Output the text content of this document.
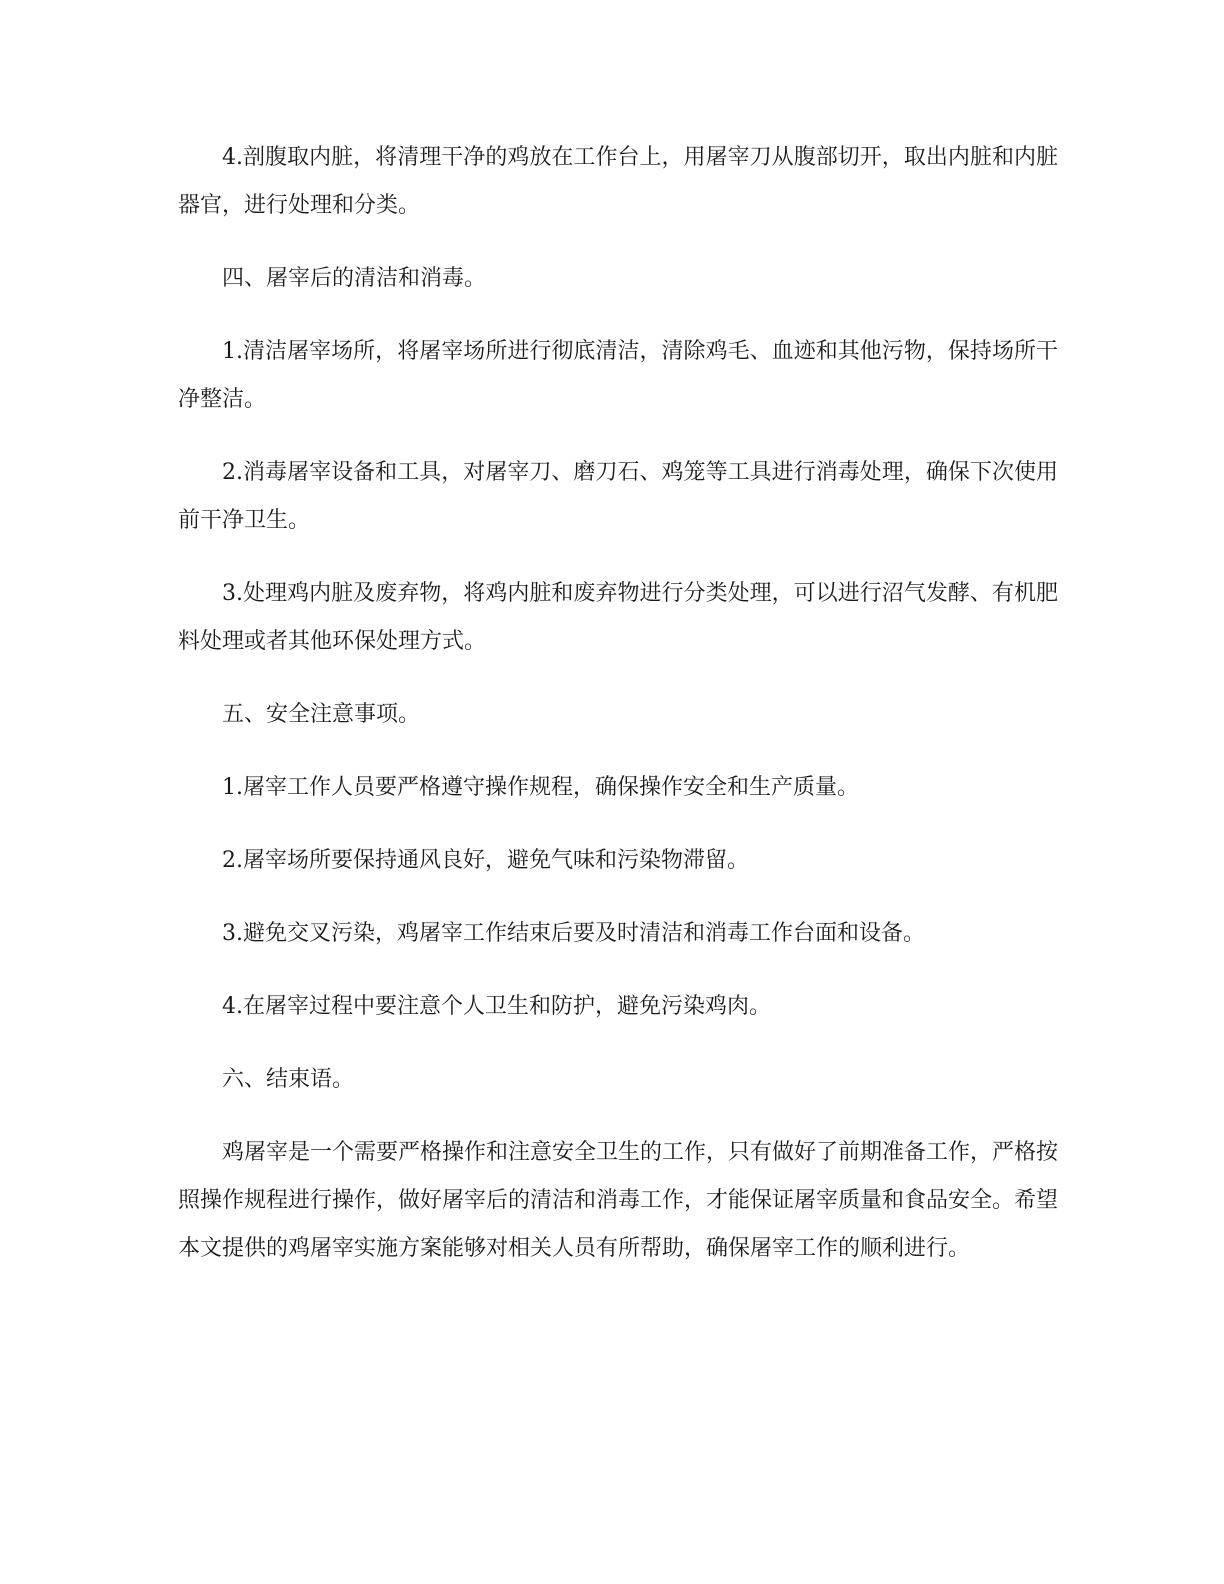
4.剖腹取内脏，将清理干净的鸡放在工作台上，用屠宰刀从腹部切开，取出内脏和内脏器官，进行处理和分类。

四、屠宰后的清洁和消毒。

1.清洁屠宰场所，将屠宰场所进行彻底清洁，清除鸡毛、血迹和其他污物，保持场所干净整洁。

2.消毒屠宰设备和工具，对屠宰刀、磨刀石、鸡笼等工具进行消毒处理，确保下次使用前干净卫生。

3.处理鸡内脏及废弃物，将鸡内脏和废弃物进行分类处理，可以进行沼气发酵、有机肥料处理或者其他环保处理方式。

五、安全注意事项。

1.屠宰工作人员要严格遵守操作规程，确保操作安全和生产质量。

2.屠宰场所要保持通风良好，避免气味和污染物滞留。

3.避免交叉污染，鸡屠宰工作结束后要及时清洁和消毒工作台面和设备。

4.在屠宰过程中要注意个人卫生和防护，避免污染鸡肉。

六、结束语。

鸡屠宰是一个需要严格操作和注意安全卫生的工作，只有做好了前期准备工作，严格按照操作规程进行操作，做好屠宰后的清洁和消毒工作，才能保证屠宰质量和食品安全。希望本文提供的鸡屠宰实施方案能够对相关人员有所帮助，确保屠宰工作的顺利进行。
